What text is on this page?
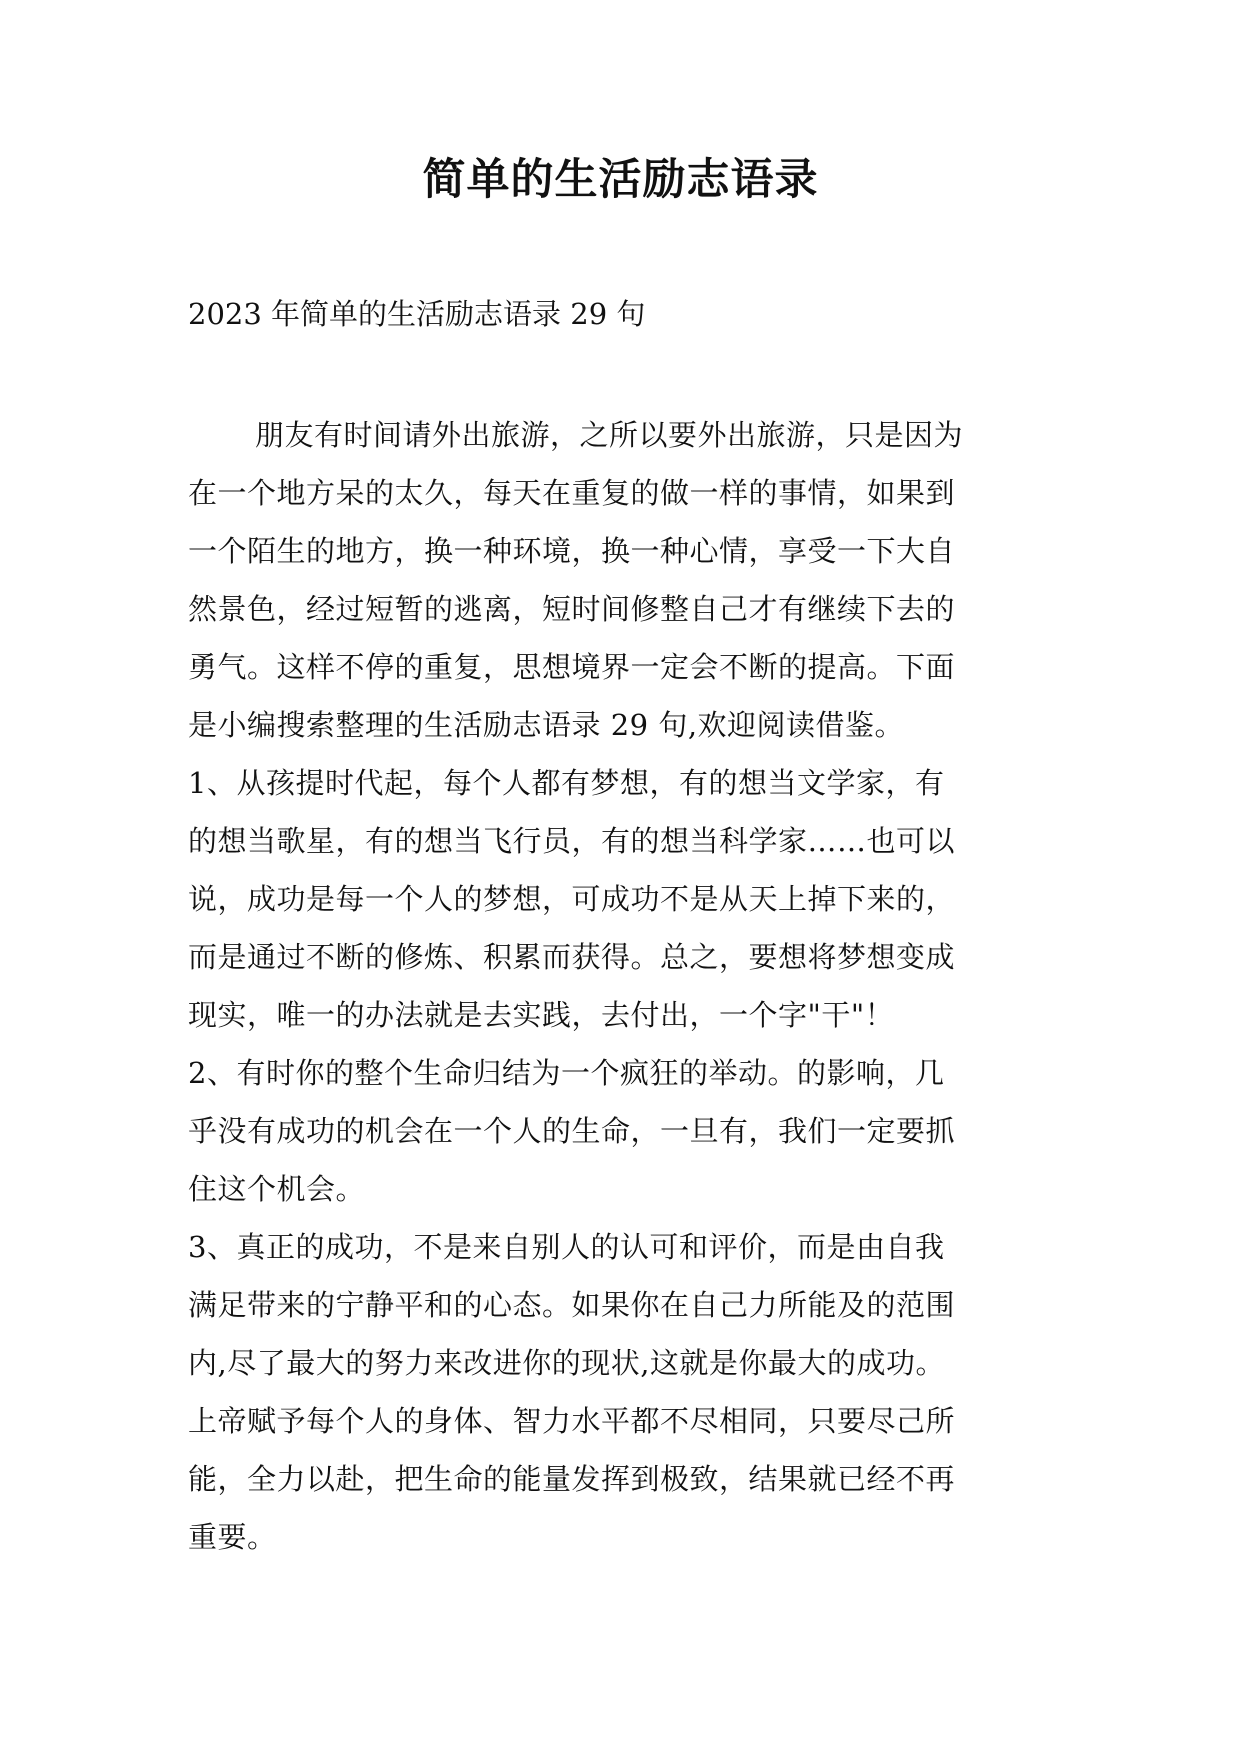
简单的生活励志语录

2023 年简单的生活励志语录 29 句

朋友有时间请外出旅游，之所以要外出旅游，只是因为
在一个地方呆的太久，每天在重复的做一样的事情，如果到
一个陌生的地方，换一种环境，换一种心情，享受一下大自
然景色，经过短暂的逃离，短时间修整自己才有继续下去的
勇气。这样不停的重复，思想境界一定会不断的提高。下面
是小编搜索整理的生活励志语录 29 句,欢迎阅读借鉴。
1、从孩提时代起，每个人都有梦想，有的想当文学家，有
的想当歌星，有的想当飞行员，有的想当科学家……也可以
说，成功是每一个人的梦想，可成功不是从天上掉下来的，
而是通过不断的修炼、积累而获得。总之，要想将梦想变成
现实，唯一的办法就是去实践，去付出，一个字"干"！
2、有时你的整个生命归结为一个疯狂的举动。的影响，几
乎没有成功的机会在一个人的生命，一旦有，我们一定要抓
住这个机会。
3、真正的成功，不是来自别人的认可和评价，而是由自我
满足带来的宁静平和的心态。如果你在自己力所能及的范围
内,尽了最大的努力来改进你的现状,这就是你最大的成功。
上帝赋予每个人的身体、智力水平都不尽相同，只要尽己所
能，全力以赴，把生命的能量发挥到极致，结果就已经不再
重要。
